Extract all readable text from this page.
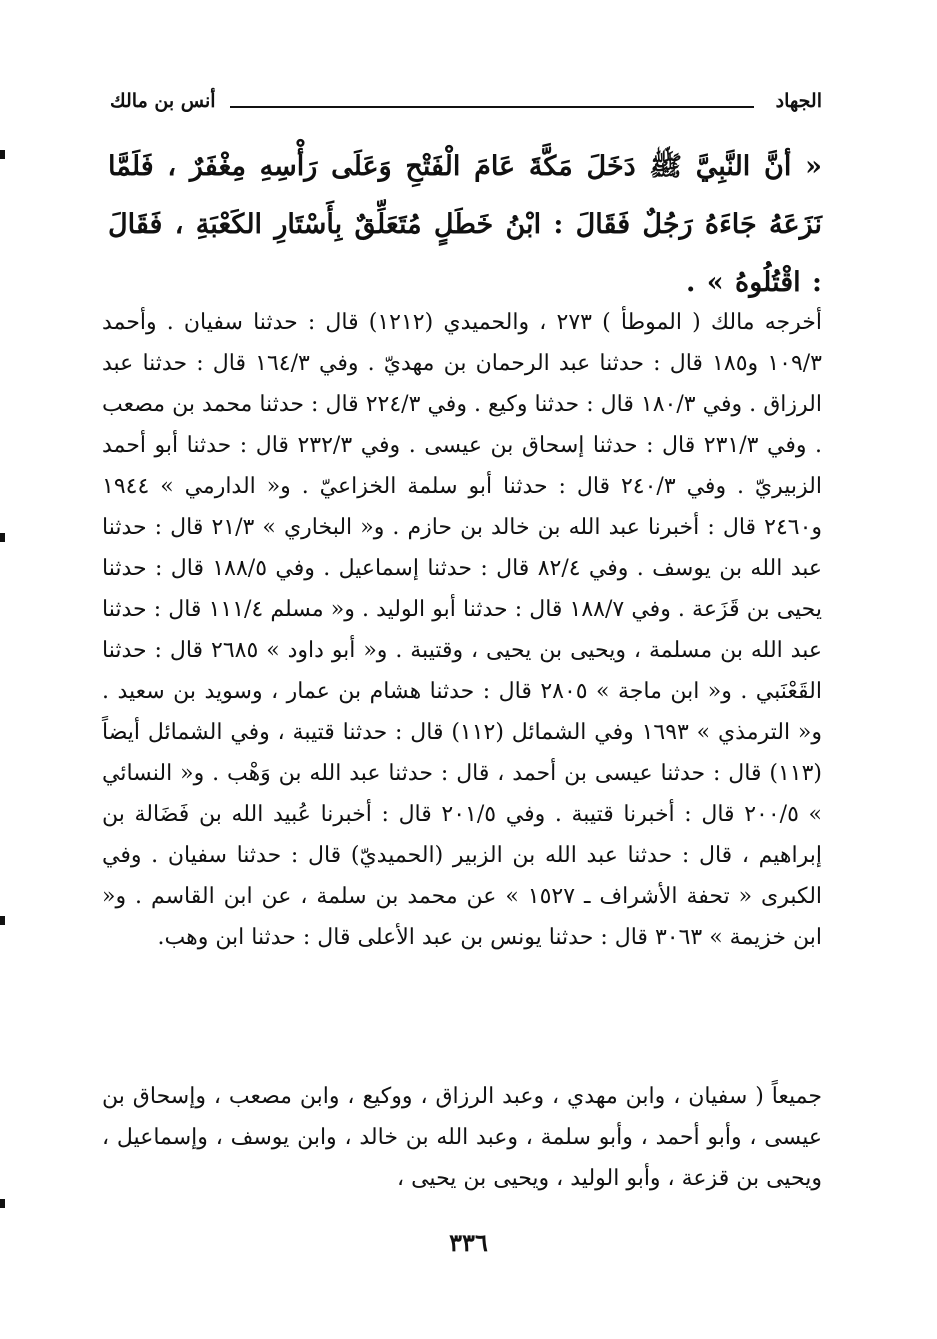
الجهاد
أنس بن مالك
« أنَّ النَّبِيَّ ﷺ دَخَلَ مَكَّةَ عَامَ الْفَتْحِ وَعَلَى رَأْسِهِ مِغْفَرٌ ، فَلَمَّا نَزَعَهُ جَاءَهُ رَجُلٌ فَقَالَ : ابْنُ خَطَلٍ مُتَعَلِّقٌ بِأَسْتَارِ الكَعْبَةِ ، فَقَالَ : اقْتُلُوهُ » .
أخرجه مالك ( الموطأ ) ٢٧٣ ، والحميدي (١٢١٢) قال : حدثنا سفيان . وأحمد ١٠٩/٣ و١٨٥ قال : حدثنا عبد الرحمان بن مهديّ . وفي ١٦٤/٣ قال : حدثنا عبد الرزاق . وفي ١٨٠/٣ قال : حدثنا وكيع . وفي ٢٢٤/٣ قال : حدثنا محمد بن مصعب . وفي ٢٣١/٣ قال : حدثنا إسحاق بن عيسى . وفي ٢٣٢/٣ قال : حدثنا أبو أحمد الزبيريّ . وفي ٢٤٠/٣ قال : حدثنا أبو سلمة الخزاعيّ . و« الدارمي » ١٩٤٤ و٢٤٦٠ قال : أخبرنا عبد الله بن خالد بن حازم . و« البخاري » ٢١/٣ قال : حدثنا عبد الله بن يوسف . وفي ٨٢/٤ قال : حدثنا إسماعيل . وفي ١٨٨/٥ قال : حدثنا يحيى بن قَزَعة . وفي ١٨٨/٧ قال : حدثنا أبو الوليد . و« مسلم ١١١/٤ قال : حدثنا عبد الله بن مسلمة ، ويحيى بن يحيى ، وقتيبة . و« أبو داود » ٢٦٨٥ قال : حدثنا القَعْنَبي . و« ابن ماجة » ٢٨٠٥ قال : حدثنا هشام بن عمار ، وسويد بن سعيد . و« الترمذي » ١٦٩٣ وفي الشمائل (١١٢) قال : حدثنا قتيبة ، وفي الشمائل أيضاً (١١٣) قال : حدثنا عيسى بن أحمد ، قال : حدثنا عبد الله بن وَهْب . و« النسائي » ٢٠٠/٥ قال : أخبرنا قتيبة . وفي ٢٠١/٥ قال : أخبرنا عُبيد الله بن فَضَالة بن إبراهيم ، قال : حدثنا عبد الله بن الزبير (الحميديّ) قال : حدثنا سفيان . وفي الكبرى « تحفة الأشراف ـ ١٥٢٧ » عن محمد بن سلمة ، عن ابن القاسم . و« ابن خزيمة » ٣٠٦٣ قال : حدثنا يونس بن عبد الأعلى قال : حدثنا ابن وهب.
جميعاً ( سفيان ، وابن مهدي ، وعبد الرزاق ، ووكيع ، وابن مصعب ، وإسحاق بن عيسى ، وأبو أحمد ، وأبو سلمة ، وعبد الله بن خالد ، وابن يوسف ، وإسماعيل ، ويحيى بن قزعة ، وأبو الوليد ، ويحيى بن يحيى ،
٣٣٦
